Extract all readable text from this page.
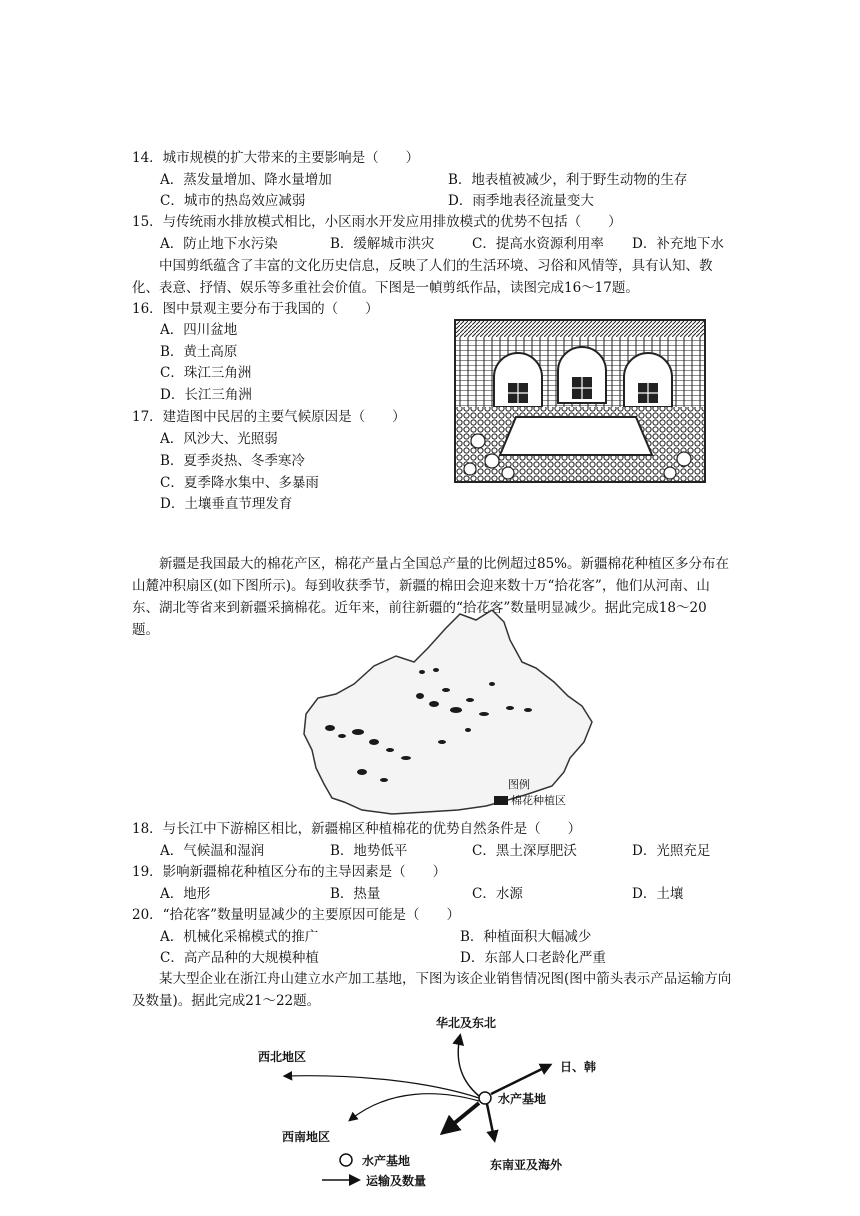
14．城市规模的扩大带来的主要影响是（　　）
A．蒸发量增加、降水量增加	B．地表植被减少，利于野生动物的生存
C．城市的热岛效应减弱	D．雨季地表径流量变大
15．与传统雨水排放模式相比，小区雨水开发应用排放模式的优势不包括（　　）
A．防止地下水污染	B．缓解城市洪灾	C．提高水资源利用率 D．补充地下水
中国剪纸蕴含了丰富的文化历史信息，反映了人们的生活环境、习俗和风情等，具有认知、教化、表意、抒情、娱乐等多重社会价值。下图是一幀剪纸作品，读图完成16～17题。
16．图中景观主要分布于我国的（　　）
A．四川盆地
B．黄土高原
C．珠江三角洲
D．长江三角洲
17．建造图中民居的主要气候原因是（　　）
A．风沙大、光照弱
B．夏季炎热、冬季寒冷
C．夏季降水集中、多暴雨
D．土壤垂直节理发育
新疆是我国最大的棉花产区，棉花产量占全国总产量的比例超过85%。新疆棉花种植区多分布在山麓冲积扇区(如下图所示)。每到收获季节，新疆的棉田会迎来数十万“拾花客”，他们从河南、山东、湖北等省来到新疆采摘棉花。近年来，前往新疆的“拾花客”数量明显减少。据此完成18～20题。
图例
棉花种植区
18．与长江中下游棉区相比，新疆棉区种植棉花的优势自然条件是（　　）
A．气候温和湿润	B．地势低平	C．黑土深厚肥沃	D．光照充足
19．影响新疆棉花种植区分布的主导因素是（　　）
A．地形	B．热量	C．水源	D．土壤
20．“拾花客”数量明显减少的主要原因可能是（　　）
A．机械化采棉模式的推广	B．种植面积大幅减少
C．高产品种的大规模种植	D．东部人口老龄化严重
某大型企业在浙江舟山建立水产加工基地，下图为该企业销售情况图(图中箭头表示产品运输方向及数量)。据此完成21～22题。
华北及东北
西北地区
日、韩
水产基地
西南地区
东南亚及海外
水产基地
运输及数量
